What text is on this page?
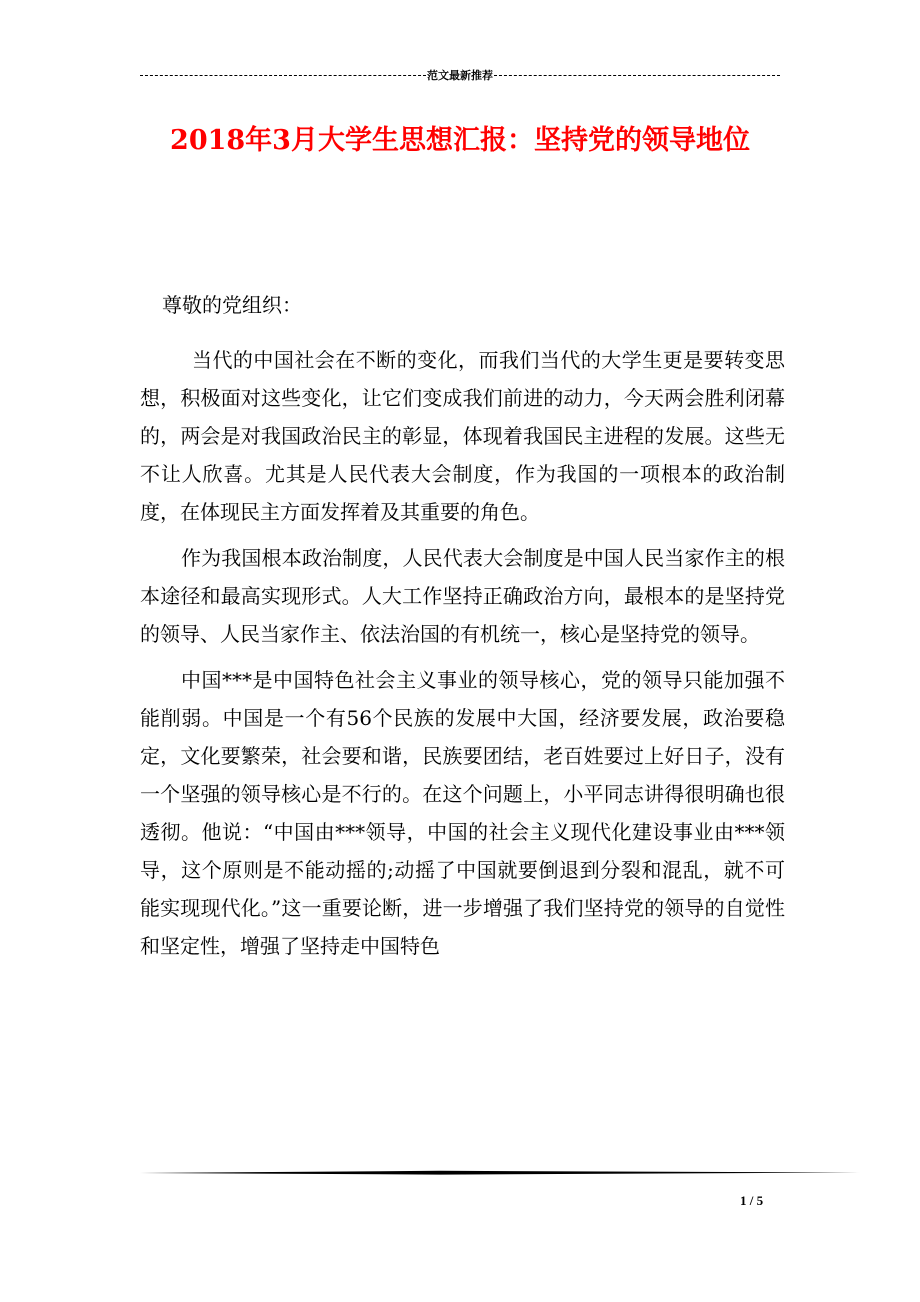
范文最新推荐
2018年3月大学生思想汇报：坚持党的领导地位

尊敬的党组织：

当代的中国社会在不断的变化，而我们当代的大学生更是要转变思想，积极面对这些变化，让它们变成我们前进的动力，今天两会胜利闭幕的，两会是对我国政治民主的彰显，体现着我国民主进程的发展。这些无不让人欣喜。尤其是人民代表大会制度，作为我国的一项根本的政治制度，在体现民主方面发挥着及其重要的角色。

作为我国根本政治制度，人民代表大会制度是中国人民当家作主的根本途径和最高实现形式。人大工作坚持正确政治方向，最根本的是坚持党的领导、人民当家作主、依法治国的有机统一，核心是坚持党的领导。

中国***是中国特色社会主义事业的领导核心，党的领导只能加强不能削弱。中国是一个有56个民族的发展中大国，经济要发展，政治要稳定，文化要繁荣，社会要和谐，民族要团结，老百姓要过上好日子，没有一个坚强的领导核心是不行的。在这个问题上，小平同志讲得很明确也很透彻。他说：“中国由***领导，中国的社会主义现代化建设事业由***领导，这个原则是不能动摇的;动摇了中国就要倒退到分裂和混乱，就不可能实现现代化。”这一重要论断，进一步增强了我们坚持党的领导的自觉性和坚定性，增强了坚持走中国特色

1 / 5
